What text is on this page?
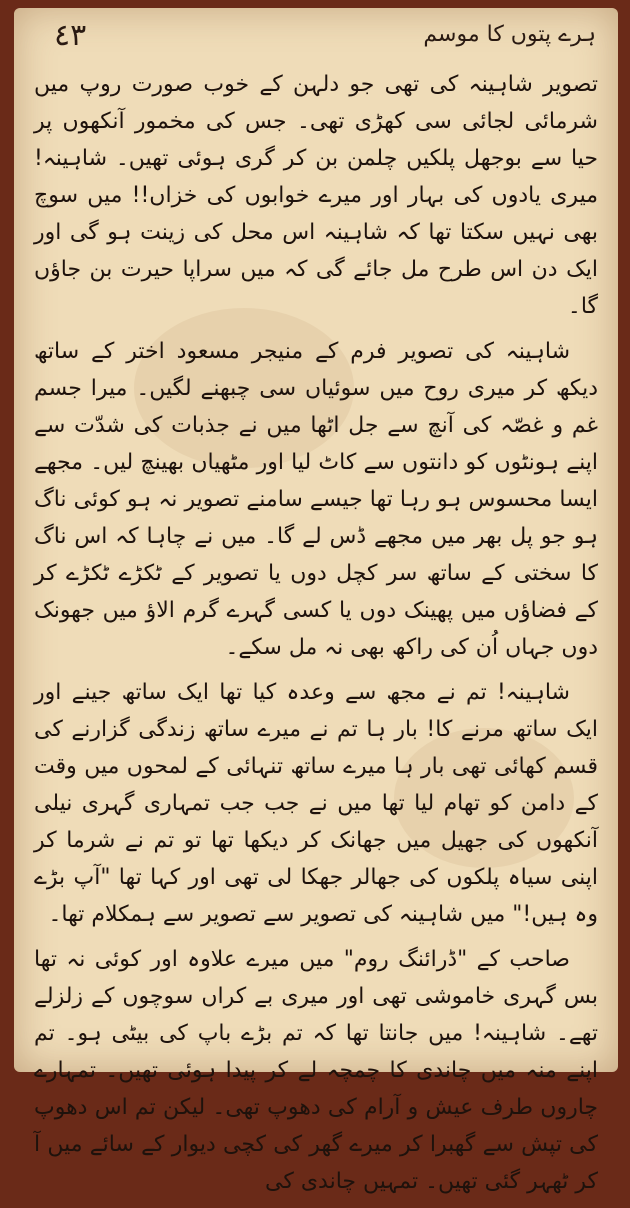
٤٣	ہرے پتوں کا موسم

تصویر شاہینہ کی تھی جو دلہن کے خوب صورت روپ میں شرمائی لجائی سی کھڑی تھی۔ جس کی مخمور آنکھوں پر حیا سے بوجھل پلکیں چلمن بن کر گری ہوئی تھیں۔ شاہینہ! میری یادوں کی بہار اور میرے خوابوں کی خزاں!! میں سوچ بھی نہیں سکتا تھا کہ شاہینہ اس محل کی زینت ہو گی اور ایک دن اس طرح مل جائے گی کہ میں سراپا حیرت بن جاؤں گا۔

شاہینہ کی تصویر فرم کے منیجر مسعود اختر کے ساتھ دیکھ کر میری روح میں سوئیاں سی چبھنے لگیں۔ میرا جسم غم و غصّہ کی آنچ سے جل اٹھا میں نے جذبات کی شدّت سے اپنے ہونٹوں کو دانتوں سے کاٹ لیا اور مٹھیاں بھینچ لیں۔ مجھے ایسا محسوس ہو رہا تھا جیسے سامنے تصویر نہ ہو کوئی ناگ ہو جو پل بھر میں مجھے ڈس لے گا۔ میں نے چاہا کہ اس ناگ کا سختی کے ساتھ سر کچل دوں یا تصویر کے ٹکڑے ٹکڑے کر کے فضاؤں میں پھینک دوں یا کسی گہرے گرم الاؤ میں جھونک دوں جہاں اُن کی راکھ بھی نہ مل سکے۔

شاہینہ! تم نے مجھ سے وعدہ کیا تھا ایک ساتھ جینے اور ایک ساتھ مرنے کا! بار ہا تم نے میرے ساتھ زندگی گزارنے کی قسم کھائی تھی بار ہا میرے ساتھ تنہائی کے لمحوں میں وقت کے دامن کو تھام لیا تھا میں نے جب جب تمہاری گہری نیلی آنکھوں کی جھیل میں جھانک کر دیکھا تھا تو تم نے شرما کر اپنی سیاہ پلکوں کی جھالر جھکا لی تھی اور کہا تھا "آپ بڑے وہ ہیں!" میں شاہینہ کی تصویر سے تصویر سے ہمکلام تھا۔

صاحب کے "ڈرائنگ روم" میں میرے علاوہ اور کوئی نہ تھا بس گہری خاموشی تھی اور میری بے کراں سوچوں کے زلزلے تھے۔ شاہینہ! میں جانتا تھا کہ تم بڑے باپ کی بیٹی ہو۔ تم اپنے منہ میں چاندی کا چمچہ لے کر پیدا ہوئی تھیں۔ تمہارے چاروں طرف عیش و آرام کی دھوپ تھی۔ لیکن تم اس دھوپ کی تپش سے گھبرا کر میرے گھر کی کچی دیوار کے سائے میں آ کر ٹھہر گئی تھیں۔ تمہیں چاندی کی
